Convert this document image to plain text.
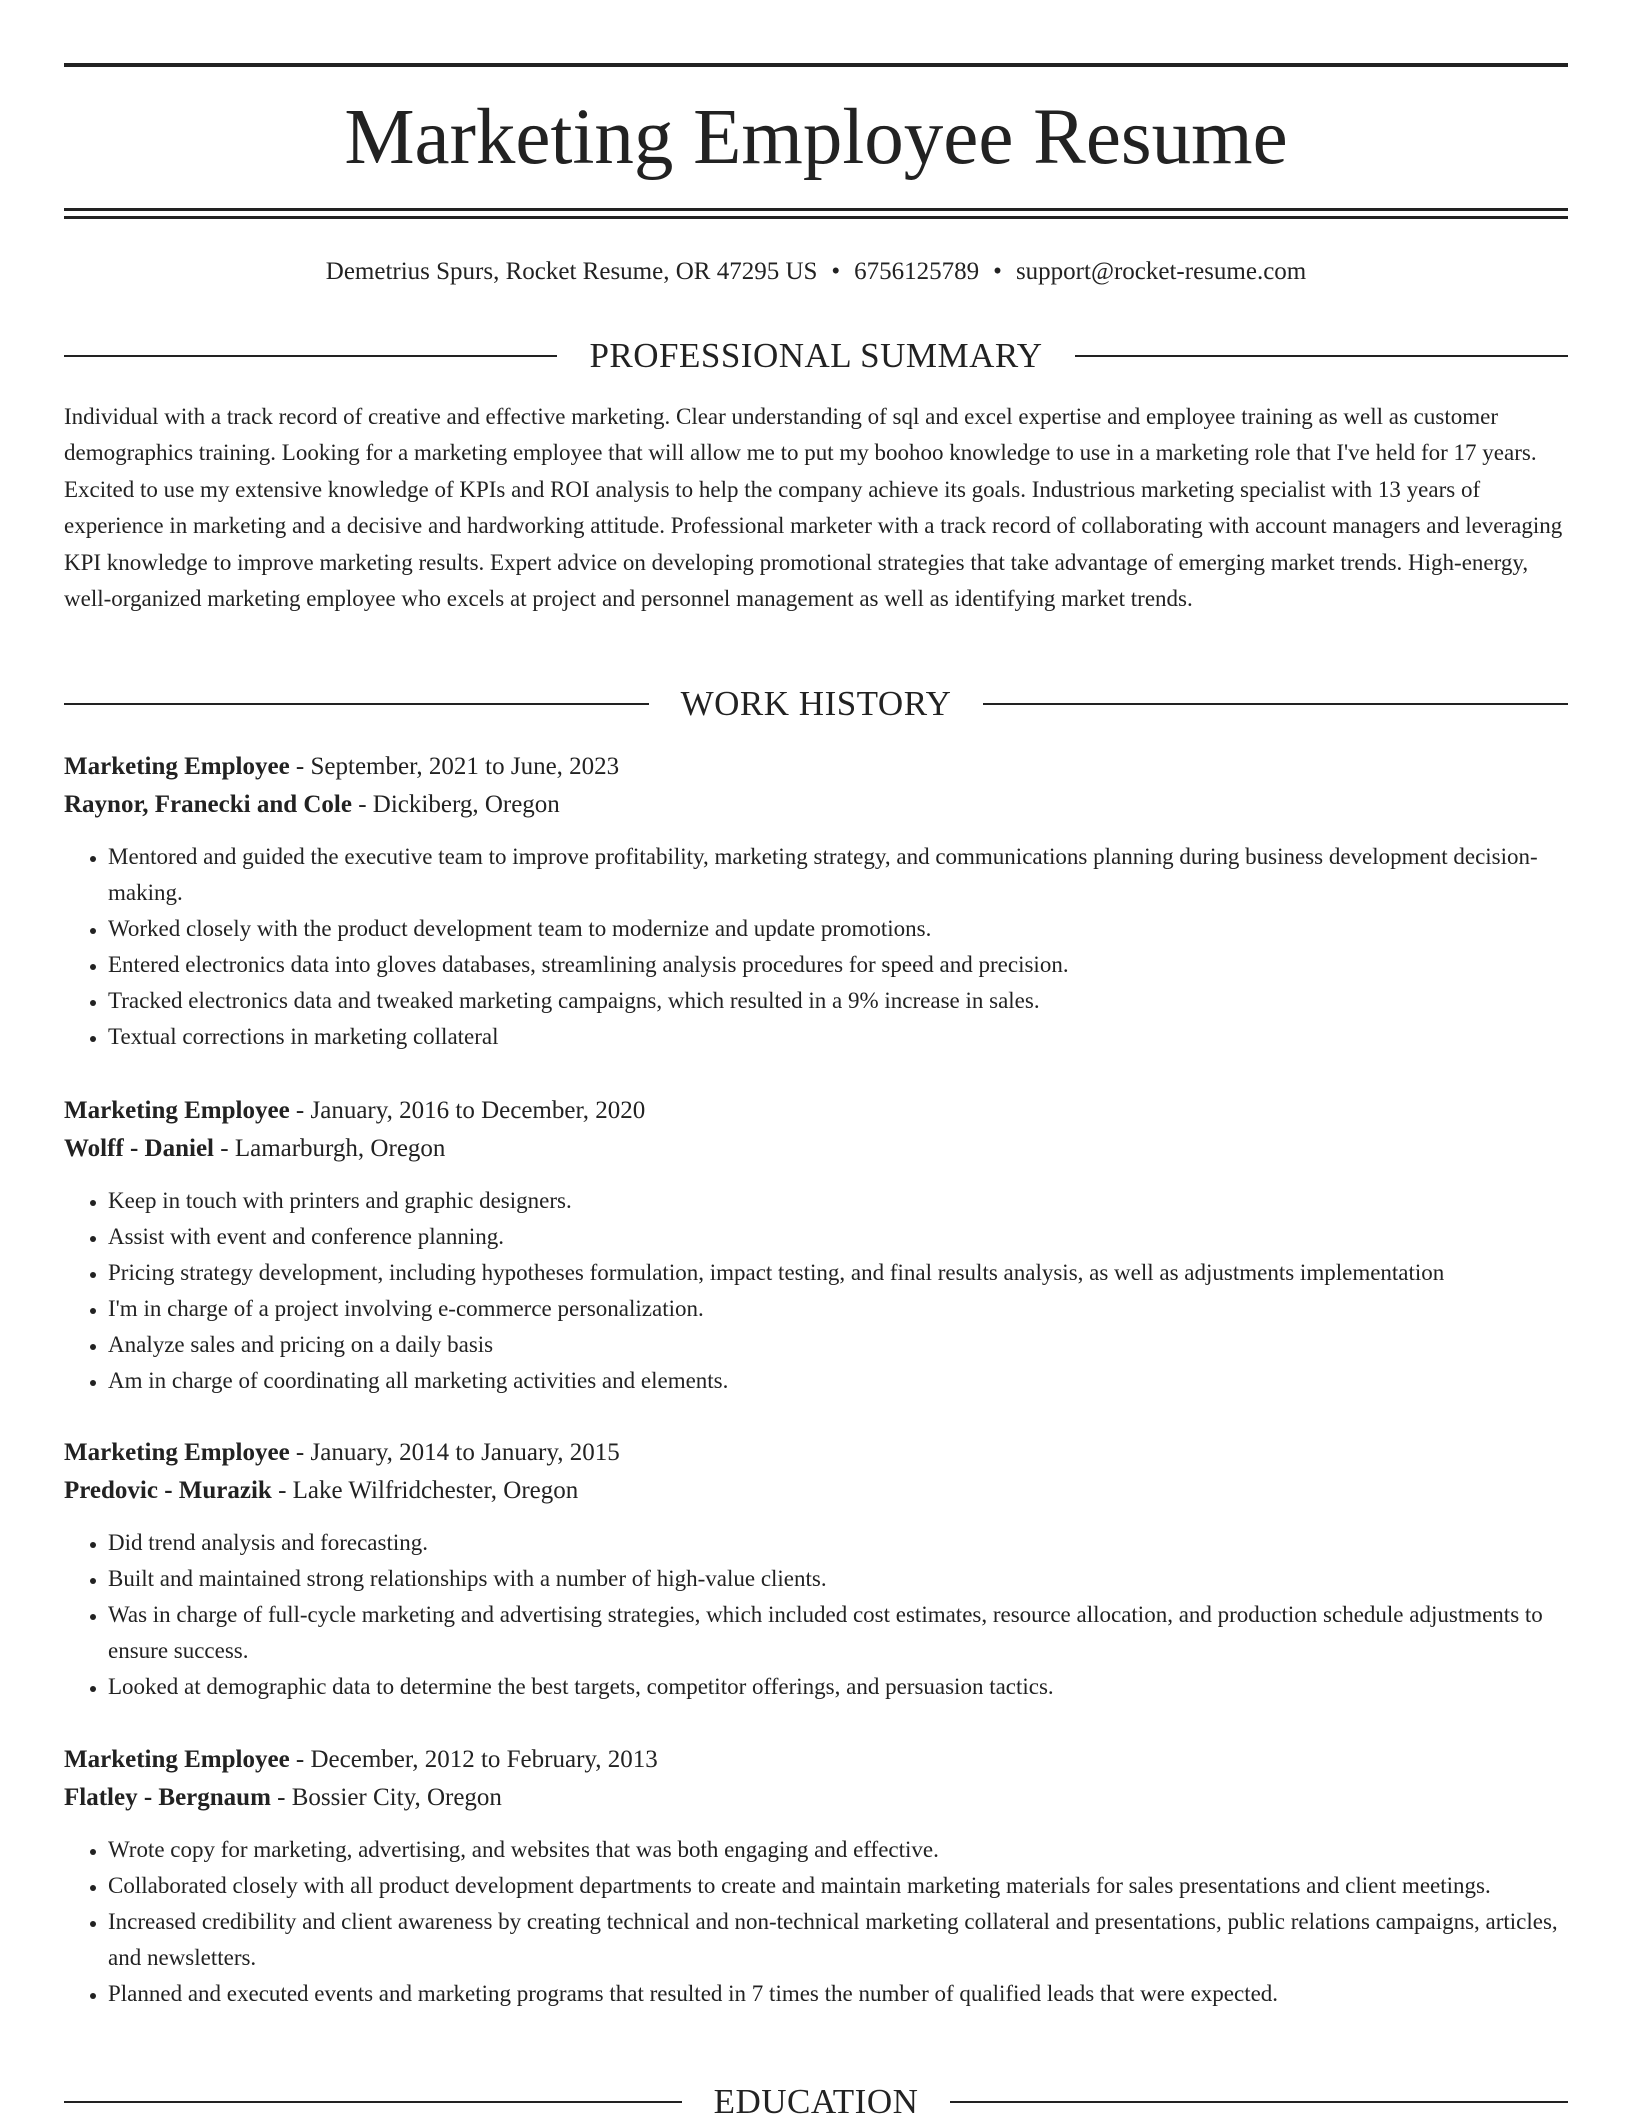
Marketing Employee Resume
Demetrius Spurs, Rocket Resume, OR 47295 US • 6756125789 • support@rocket-resume.com
PROFESSIONAL SUMMARY
Individual with a track record of creative and effective marketing. Clear understanding of sql and excel expertise and employee training as well as customer demographics training. Looking for a marketing employee that will allow me to put my boohoo knowledge to use in a marketing role that I've held for 17 years. Excited to use my extensive knowledge of KPIs and ROI analysis to help the company achieve its goals. Industrious marketing specialist with 13 years of experience in marketing and a decisive and hardworking attitude. Professional marketer with a track record of collaborating with account managers and leveraging KPI knowledge to improve marketing results. Expert advice on developing promotional strategies that take advantage of emerging market trends. High-energy, well-organized marketing employee who excels at project and personnel management as well as identifying market trends.
WORK HISTORY
Marketing Employee - September, 2021 to June, 2023
Raynor, Franecki and Cole - Dickiberg, Oregon
• Mentored and guided the executive team to improve profitability, marketing strategy, and communications planning during business development decision-making.
• Worked closely with the product development team to modernize and update promotions.
• Entered electronics data into gloves databases, streamlining analysis procedures for speed and precision.
• Tracked electronics data and tweaked marketing campaigns, which resulted in a 9% increase in sales.
• Textual corrections in marketing collateral
Marketing Employee - January, 2016 to December, 2020
Wolff - Daniel - Lamarburgh, Oregon
• Keep in touch with printers and graphic designers.
• Assist with event and conference planning.
• Pricing strategy development, including hypotheses formulation, impact testing, and final results analysis, as well as adjustments implementation
• I'm in charge of a project involving e-commerce personalization.
• Analyze sales and pricing on a daily basis
• Am in charge of coordinating all marketing activities and elements.
Marketing Employee - January, 2014 to January, 2015
Predovic - Murazik - Lake Wilfridchester, Oregon
• Did trend analysis and forecasting.
• Built and maintained strong relationships with a number of high-value clients.
• Was in charge of full-cycle marketing and advertising strategies, which included cost estimates, resource allocation, and production schedule adjustments to ensure success.
• Looked at demographic data to determine the best targets, competitor offerings, and persuasion tactics.
Marketing Employee - December, 2012 to February, 2013
Flatley - Bergnaum - Bossier City, Oregon
• Wrote copy for marketing, advertising, and websites that was both engaging and effective.
• Collaborated closely with all product development departments to create and maintain marketing materials for sales presentations and client meetings.
• Increased credibility and client awareness by creating technical and non-technical marketing collateral and presentations, public relations campaigns, articles, and newsletters.
• Planned and executed events and marketing programs that resulted in 7 times the number of qualified leads that were expected.
EDUCATION
